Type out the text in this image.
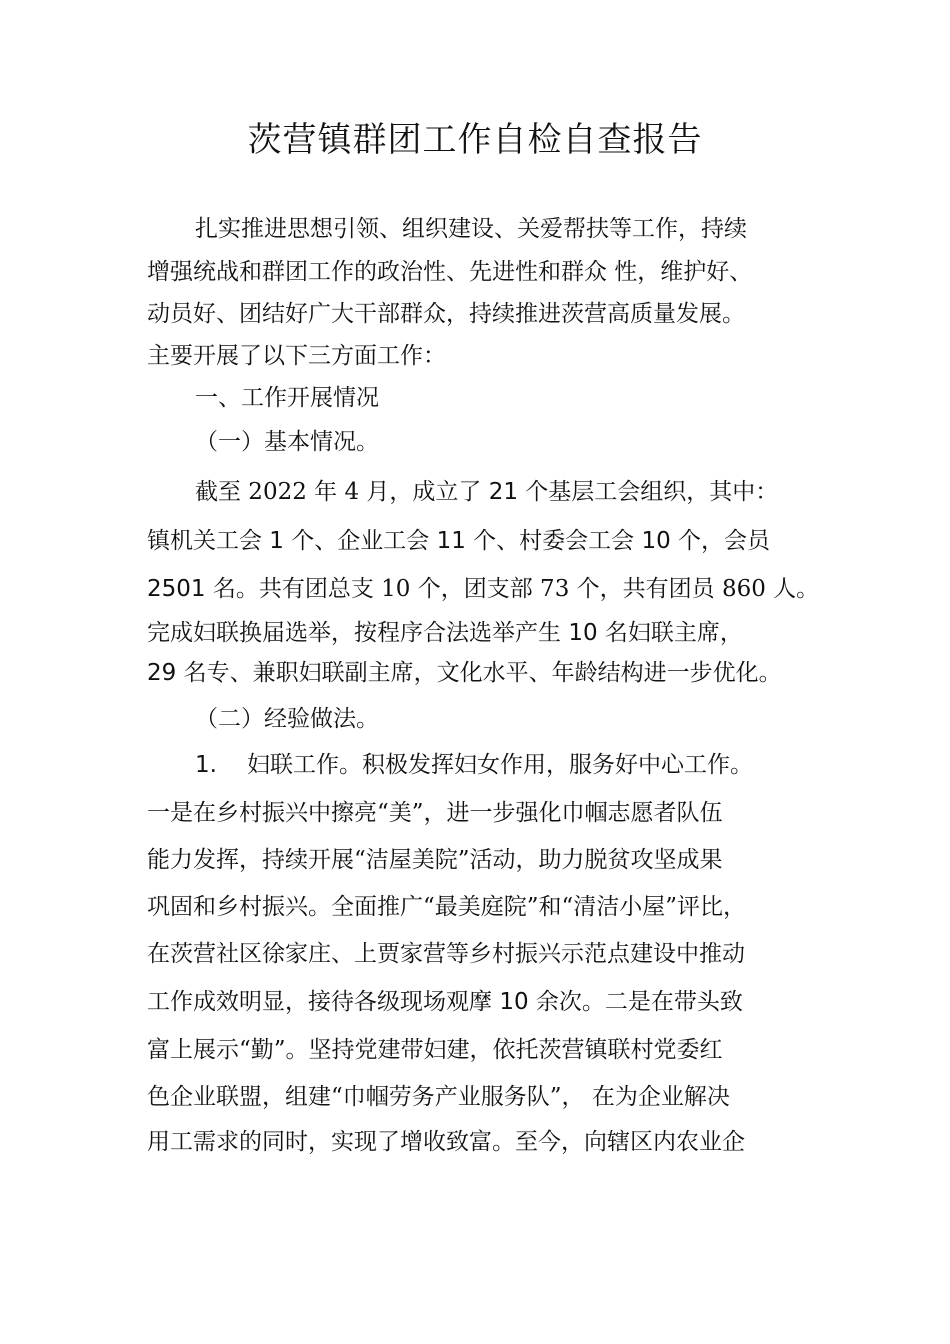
茨营镇群团工作自检自查报告
扎实推进思想引领、组织建设、关爱帮扶等工作，持续
增强统战和群团工作的政治性、先进性和群众 性，维护好、
动员好、团结好广大干部群众，持续推进茨营高质量发展。
主要开展了以下三方面工作：
一、工作开展情况
（一）基本情况。
截至 2022 年 4 月，成立了 21 个基层工会组织，其中：
镇机关工会 1 个、企业工会 11 个、村委会工会 10 个，会员
2501 名。共有团总支 10 个，团支部 73 个，共有团员 860 人。
完成妇联换届选举，按程序合法选举产生 10 名妇联主席，
29 名专、兼职妇联副主席，文化水平、年龄结构进一步优化。
（二）经验做法。
1. 妇联工作。积极发挥妇女作用，服务好中心工作。
一是在乡村振兴中擦亮“美”，进一步强化巾帼志愿者队伍
能力发挥，持续开展“洁屋美院”活动，助力脱贫攻坚成果
巩固和乡村振兴。全面推广“最美庭院”和“清洁小屋”评比，
在茨营社区徐家庄、上贾家营等乡村振兴示范点建设中推动
工作成效明显，接待各级现场观摩 10 余次。二是在带头致
富上展示“勤”。坚持党建带妇建，依托茨营镇联村党委红
色企业联盟，组建“巾帼劳务产业服务队”， 在为企业解决
用工需求的同时，实现了增收致富。至今，向辖区内农业企
